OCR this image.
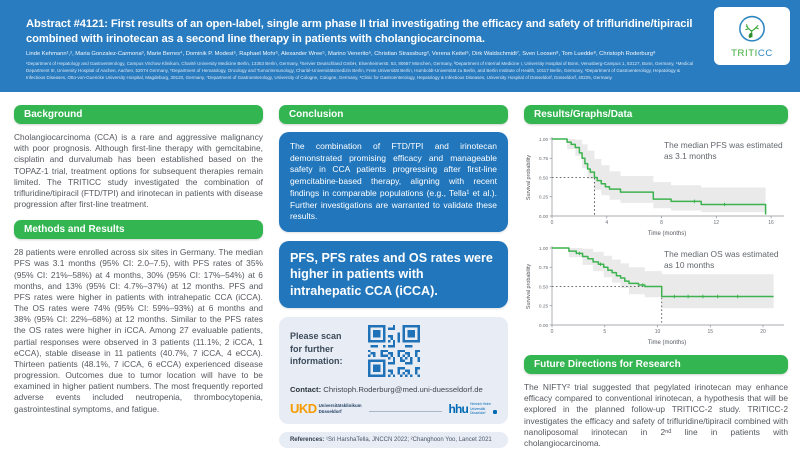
Abstract #4121: First results of an open-label, single arm phase II trial investigating the efficacy and safety of trifluridine/tipiracil combined with irinotecan as a second line therapy in patients with cholangiocarcinoma.

Linde Kehmann¹,², Maria Gonzalez-Carmona³, Marie Berres⁴, Dominik P. Modest⁵, Raphael Mohr⁵, Alexander Wree⁵, Marino Venerito⁶, Christian Strassburg³, Verena Keitel⁶, Dirk Waldschmidt⁷, Sven Loosen⁸, Tom Luedde⁸, Christoph Roderburg⁸

¹Department of Hepatology and Gastroenterology, Campus Virchow Klinikum, Charité University Medicine Berlin, 13353 Berlin, Germany, ²Servier Deutschland GmbH, Elsenheimerstr. 53, 80687 München, Germany, ³Department of Internal Medicine I, University Hospital of Bonn, Venusberg-Campus 1, 53127, Bonn, Germany, ⁴Medical Department III, University Hospital of Aachen, Aachen, 52074 Germany, ⁵Department of Hematology, Oncology and Tumorimmunology, Charité-Universitätsmedizin Berlin, Freie Universität Berlin, Humboldt-Universität zu Berlin, and Berlin Institute of Health, 10117 Berlin, Germany, ⁶Department of Gastroenterology, Hepatology & Infectious Diseases, Otto-von-Guericke University Hospital, Magdeburg, 39120, Germany, ⁷Department of Gastroenterology, University of Cologne, Cologne, Germany, ⁸Clinic for Gastroenterology, Hepatology & Infectious Diseases, University Hospital of Düsseldorf, Düsseldorf, 40225, Germany.

TRITICC
Background

Cholangiocarcinoma (CCA) is a rare and aggressive malignancy with poor prognosis. Although first-line therapy with gemcitabine, cisplatin and durvalumab has been established based on the TOPAZ-1 trial, treatment options for subsequent therapies remain limited. The TRITICC study investigated the combination of trifluridine/tipiracil (FTD/TPI) and irinotecan in patients with disease progression after first-line treatment.

Methods and Results

28 patients were enrolled across six sites in Germany. The median PFS was 3.1 months (95% CI: 2.0–7.5), with PFS rates of 35% (95% CI: 21%–58%) at 4 months, 30% (95% CI: 17%–54%) at 6 months, and 13% (95% CI: 4.7%–37%) at 12 months. PFS and PFS rates were higher in patients with intrahepatic CCA (iCCA). The OS rates were 74% (95% CI: 59%–93%) at 6 months and 38% (95% CI: 22%–68%) at 12 months. Similar to the PFS rates the OS rates were higher in iCCA. Among 27 evaluable patients, partial responses were observed in 3 patients (11.1%, 2 iCCA, 1 eCCA), stable disease in 11 patients (40.7%, 7 iCCA, 4 eCCA). Thirteen patients (48.1%, 7 iCCA, 6 eCCA) experienced disease progression. Outcomes due to tumor location will have to be examined in higher patient numbers. The most frequently reported adverse events included neutropenia, thrombocytopenia, gastrointestinal symptoms, and fatigue.

Conclusion

The combination of FTD/TPI and irinotecan demonstrated promising efficacy and manageable safety in CCA patients progressing after first-line gemcitabine-based therapy, aligning with recent findings in comparable populations (e.g., Tella¹ et al.). Further investigations are warranted to validate these results.

PFS, PFS rates and OS rates were higher in patients with intrahepatic CCA (iCCA).

Please scan for further information:

Contact: Christoph.Roderburg@med.uni-duesseldorf.de

UKD Universitätsklinikum
Düsseldorf	hhu Heinrich Heine
Universität
Düsseldorf
References: ¹Sri HarshaTella, JNCCN 2022; ²Changhoon Yoo, Lancet 2021
Results/Graphs/Data
0	4	8	12	16
0.00
0.25
0.50
0.75
1.00
Time (months)
Survival probability
The median PFS was estimated as 3.1 months
0	5	10	15	20
0.00
0.25
0.50
0.75
1.00
Time (months)
Survival probability
The median OS was estimated as 10 months
Future Directions for Research

The NIFTY² trial suggested that pegylated irinotecan may enhance efficacy compared to conventional irinotecan, a hypothesis that will be explored in the planned follow-up TRITICC-2 study. TRITICC-2 investigates the efficacy and safety of trifluridine/tipiracil combined with nanoliposomal irinotecan in 2ⁿᵈ line in patients with cholangiocarcinoma.
